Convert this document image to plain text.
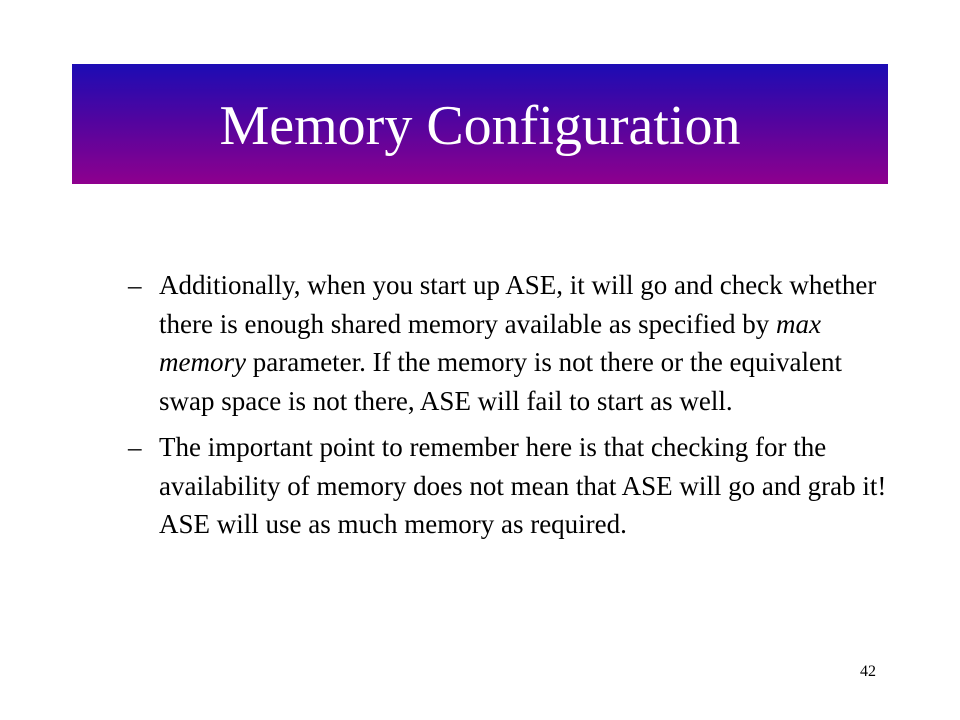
Memory Configuration
– Additionally, when you start up ASE, it will go and check whether there is enough shared memory available as specified by max memory parameter. If the memory is not there or the equivalent swap space is not there, ASE will fail to start as well.
– The important point to remember here is that checking for the availability of memory does not mean that ASE will go and grab it! ASE will use as much memory as required.
42
